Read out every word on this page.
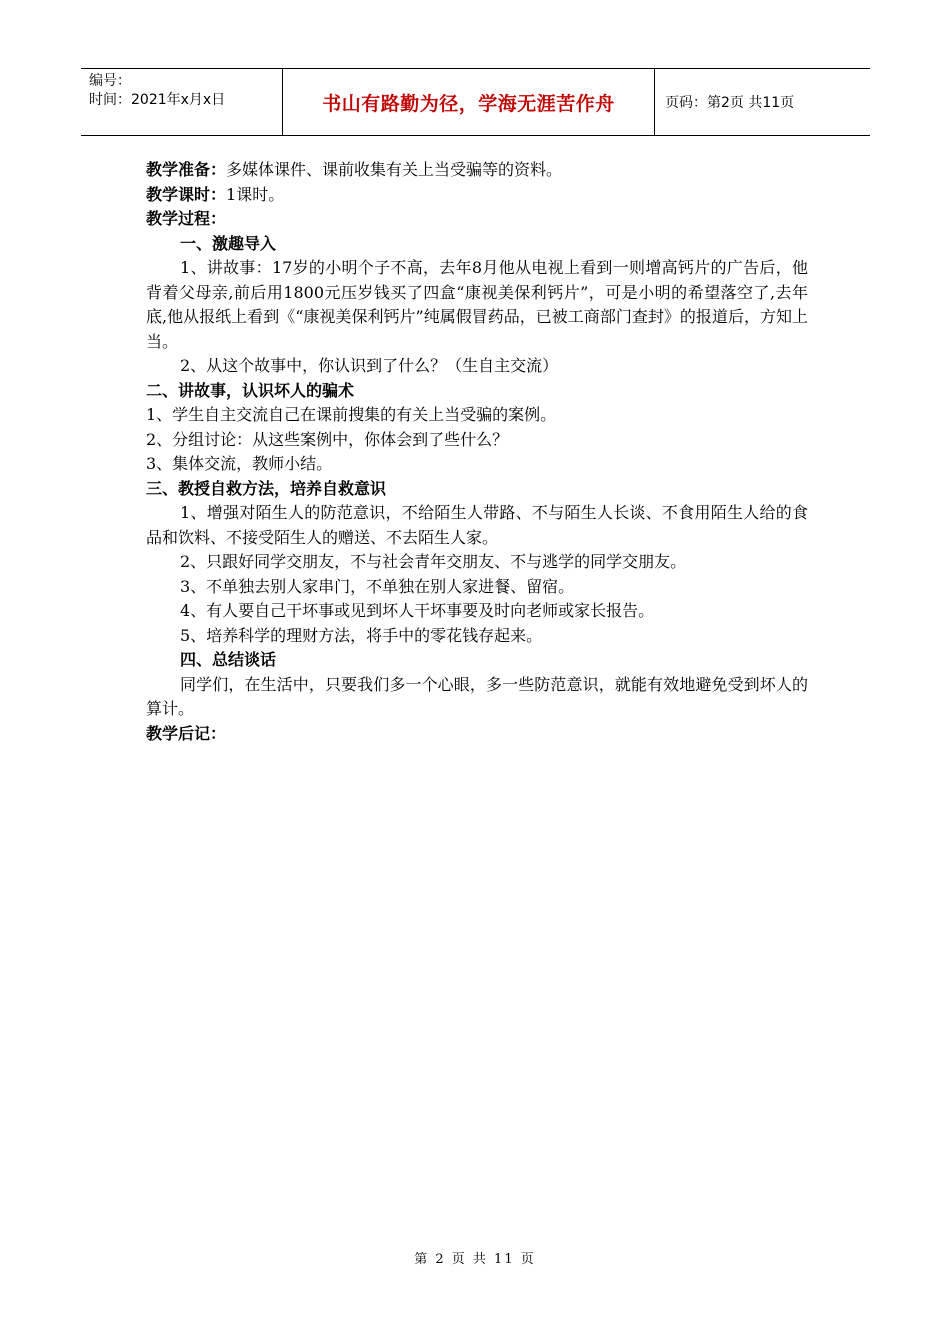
编号：
时间：2021年x月x日	书山有路勤为径，学海无涯苦作舟	页码：第2页 共11页
教学准备：多媒体课件、课前收集有关上当受骗等的资料。
教学课时：1课时。
教学过程：
一、激趣导入
1、讲故事：17岁的小明个子不高，去年8月他从电视上看到一则增高钙片的广告后，他背着父母亲,前后用1800元压岁钱买了四盒“康视美保利钙片”，可是小明的希望落空了,去年底,他从报纸上看到《“康视美保利钙片”纯属假冒药品，已被工商部门查封》的报道后，方知上当。
2、从这个故事中，你认识到了什么？（生自主交流）
二、讲故事，认识坏人的骗术
1、学生自主交流自己在课前搜集的有关上当受骗的案例。
2、分组讨论：从这些案例中，你体会到了些什么？
3、集体交流，教师小结。
三、教授自救方法，培养自救意识
1、增强对陌生人的防范意识，不给陌生人带路、不与陌生人长谈、不食用陌生人给的食品和饮料、不接受陌生人的赠送、不去陌生人家。
2、只跟好同学交朋友，不与社会青年交朋友、不与逃学的同学交朋友。
3、不单独去别人家串门，不单独在别人家进餐、留宿。
4、有人要自己干坏事或见到坏人干坏事要及时向老师或家长报告。
5、培养科学的理财方法，将手中的零花钱存起来。
四、总结谈话
同学们，在生活中，只要我们多一个心眼，多一些防范意识，就能有效地避免受到坏人的算计。
教学后记：
第 2 页 共 11 页
